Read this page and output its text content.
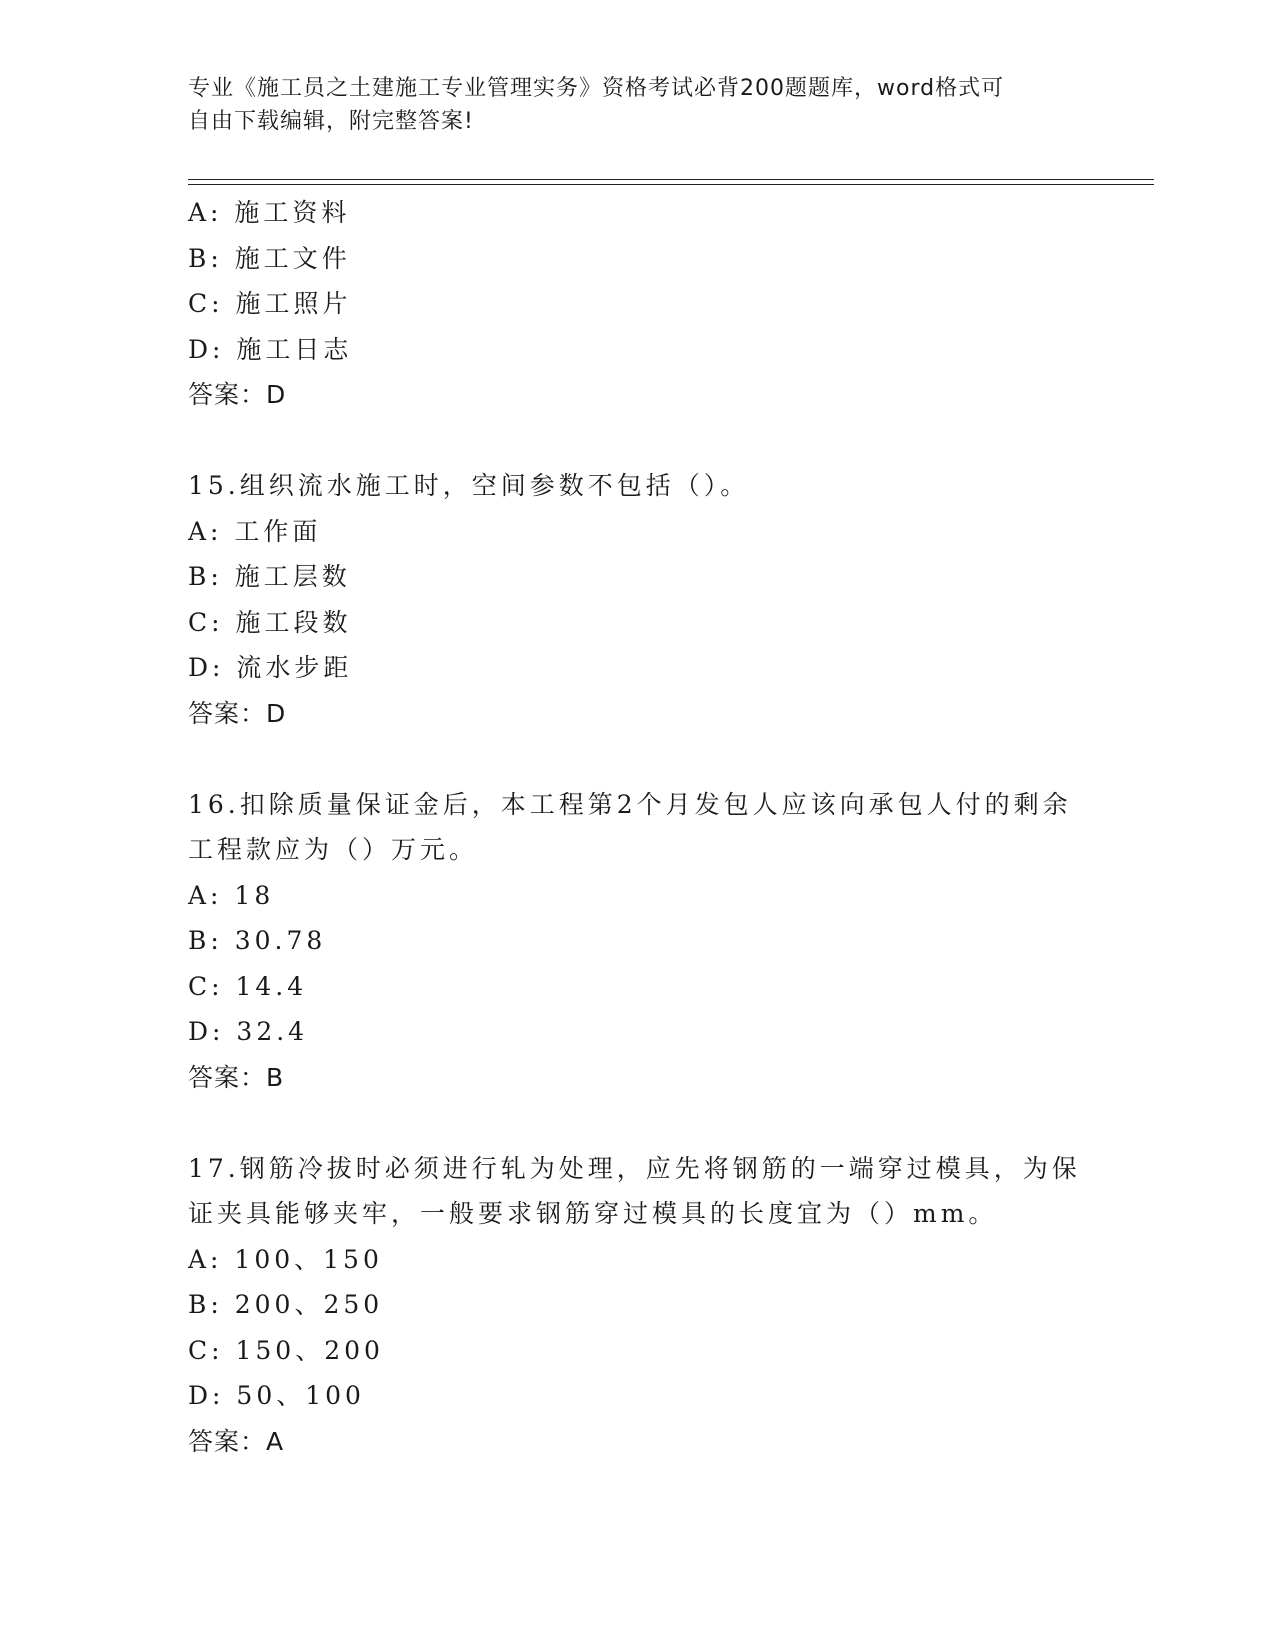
专业《施工员之土建施工专业管理实务》资格考试必背200题题库，word格式可
自由下载编辑，附完整答案!
A: 施工资料
B: 施工文件
C: 施工照片
D: 施工日志
答案：D
15.组织流水施工时，空间参数不包括（）。
A: 工作面
B: 施工层数
C: 施工段数
D: 流水步距
答案：D
16.扣除质量保证金后，本工程第2个月发包人应该向承包人付的剩余
工程款应为（）万元。
A: 18
B: 30.78
C: 14.4
D: 32.4
答案：B
17.钢筋冷拔时必须进行轧为处理，应先将钢筋的一端穿过模具，为保
证夹具能够夹牢，一般要求钢筋穿过模具的长度宜为（）mm。
A: 100、150
B: 200、250
C: 150、200
D: 50、100
答案：A
